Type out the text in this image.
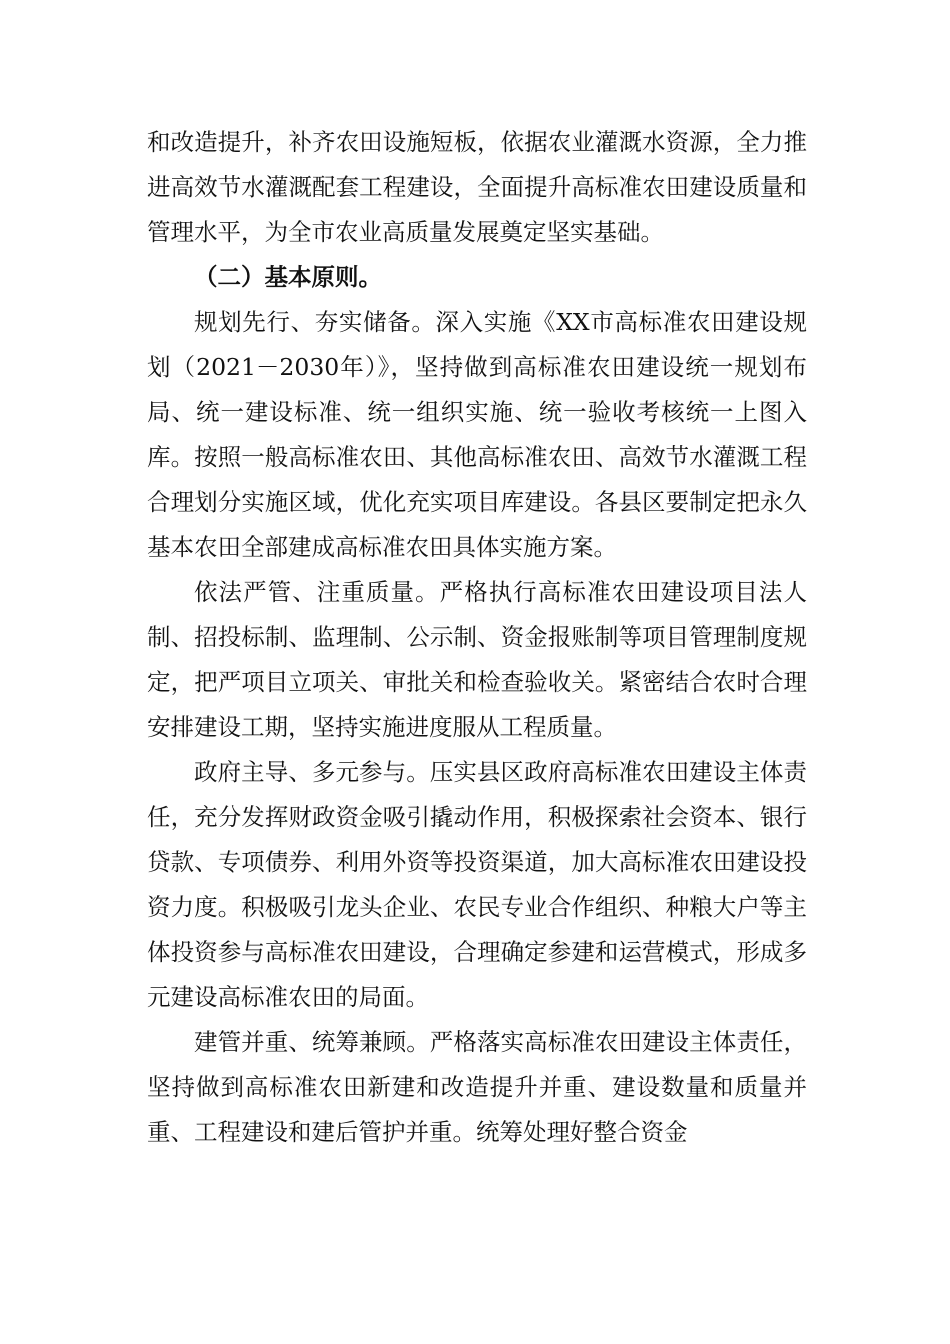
和改造提升，补齐农田设施短板，依据农业灌溉水资源，全力推进高效节水灌溉配套工程建设，全面提升高标准农田建设质量和管理水平，为全市农业高质量发展奠定坚实基础。

（二）基本原则。

规划先行、夯实储备。深入实施《XX市高标准农田建设规划（2021－2030年）》，坚持做到高标准农田建设统一规划布局、统一建设标准、统一组织实施、统一验收考核统一上图入库。按照一般高标准农田、其他高标准农田、高效节水灌溉工程合理划分实施区域，优化充实项目库建设。各县区要制定把永久基本农田全部建成高标准农田具体实施方案。

依法严管、注重质量。严格执行高标准农田建设项目法人制、招投标制、监理制、公示制、资金报账制等项目管理制度规定，把严项目立项关、审批关和检查验收关。紧密结合农时合理安排建设工期，坚持实施进度服从工程质量。

政府主导、多元参与。压实县区政府高标准农田建设主体责任，充分发挥财政资金吸引撬动作用，积极探索社会资本、银行贷款、专项债券、利用外资等投资渠道，加大高标准农田建设投资力度。积极吸引龙头企业、农民专业合作组织、种粮大户等主体投资参与高标准农田建设，合理确定参建和运营模式，形成多元建设高标准农田的局面。

建管并重、统筹兼顾。严格落实高标准农田建设主体责任，坚持做到高标准农田新建和改造提升并重、建设数量和质量并重、工程建设和建后管护并重。统筹处理好整合资金
